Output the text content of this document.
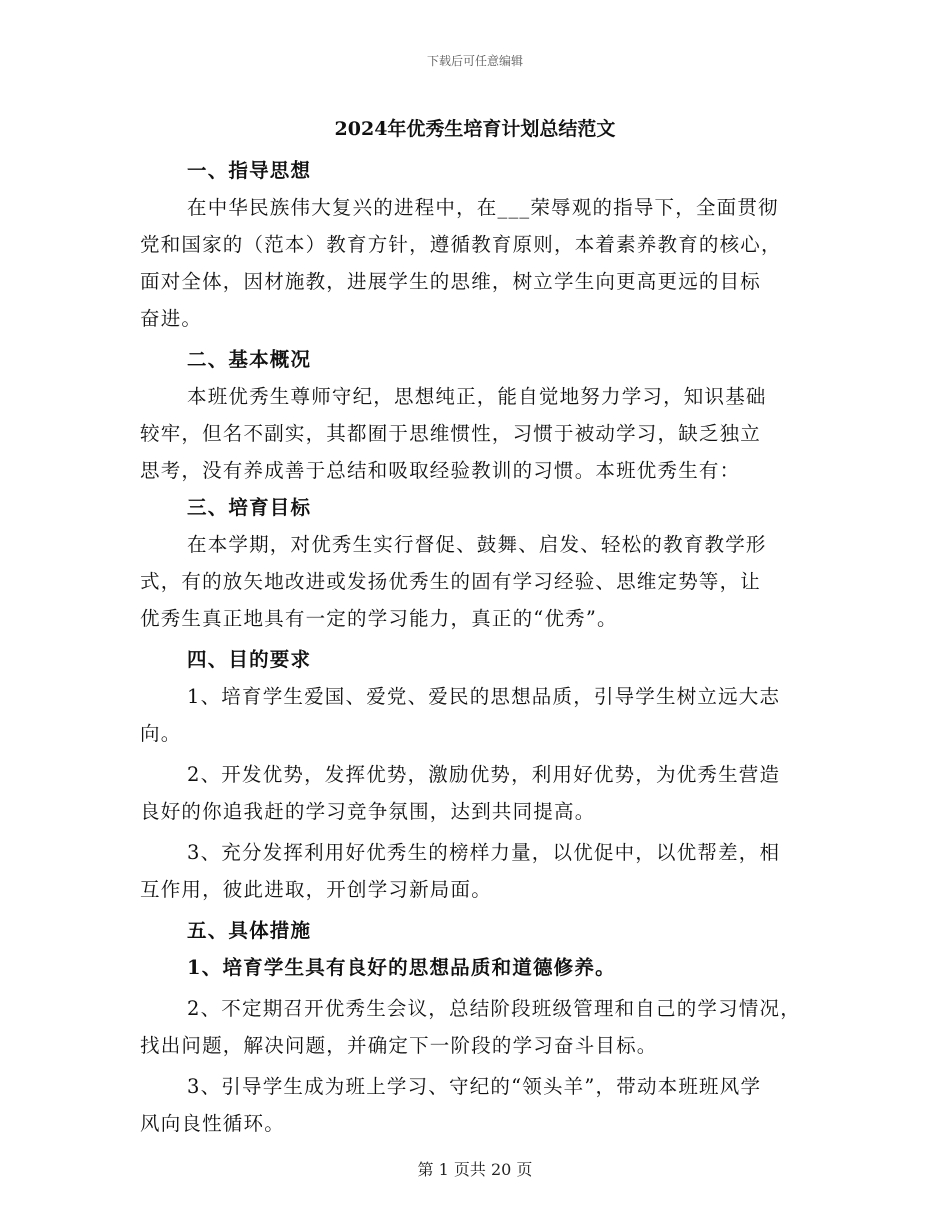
下载后可任意编辑
2024年优秀生培育计划总结范文
一、指导思想
在中华民族伟大复兴的进程中，在___荣辱观的指导下，全面贯彻
党和国家的（范本）教育方针，遵循教育原则，本着素养教育的核心，
面对全体，因材施教，进展学生的思维，树立学生向更高更远的目标
奋进。
二、基本概况
本班优秀生尊师守纪，思想纯正，能自觉地努力学习，知识基础
较牢，但名不副实，其都囿于思维惯性，习惯于被动学习，缺乏独立
思考，没有养成善于总结和吸取经验教训的习惯。本班优秀生有：
三、培育目标
在本学期，对优秀生实行督促、鼓舞、启发、轻松的教育教学形
式，有的放矢地改进或发扬优秀生的固有学习经验、思维定势等，让
优秀生真正地具有一定的学习能力，真正的“优秀”。
四、目的要求
1、培育学生爱国、爱党、爱民的思想品质，引导学生树立远大志
向。
2、开发优势，发挥优势，激励优势，利用好优势，为优秀生营造
良好的你追我赶的学习竞争氛围，达到共同提高。
3、充分发挥利用好优秀生的榜样力量，以优促中，以优帮差，相
互作用，彼此进取，开创学习新局面。
五、具体措施
1、培育学生具有良好的思想品质和道德修养。
2、不定期召开优秀生会议，总结阶段班级管理和自己的学习情况，
找出问题，解决问题，并确定下一阶段的学习奋斗目标。
3、引导学生成为班上学习、守纪的“领头羊”，带动本班班风学
风向良性循环。
第 1 页共 20 页
